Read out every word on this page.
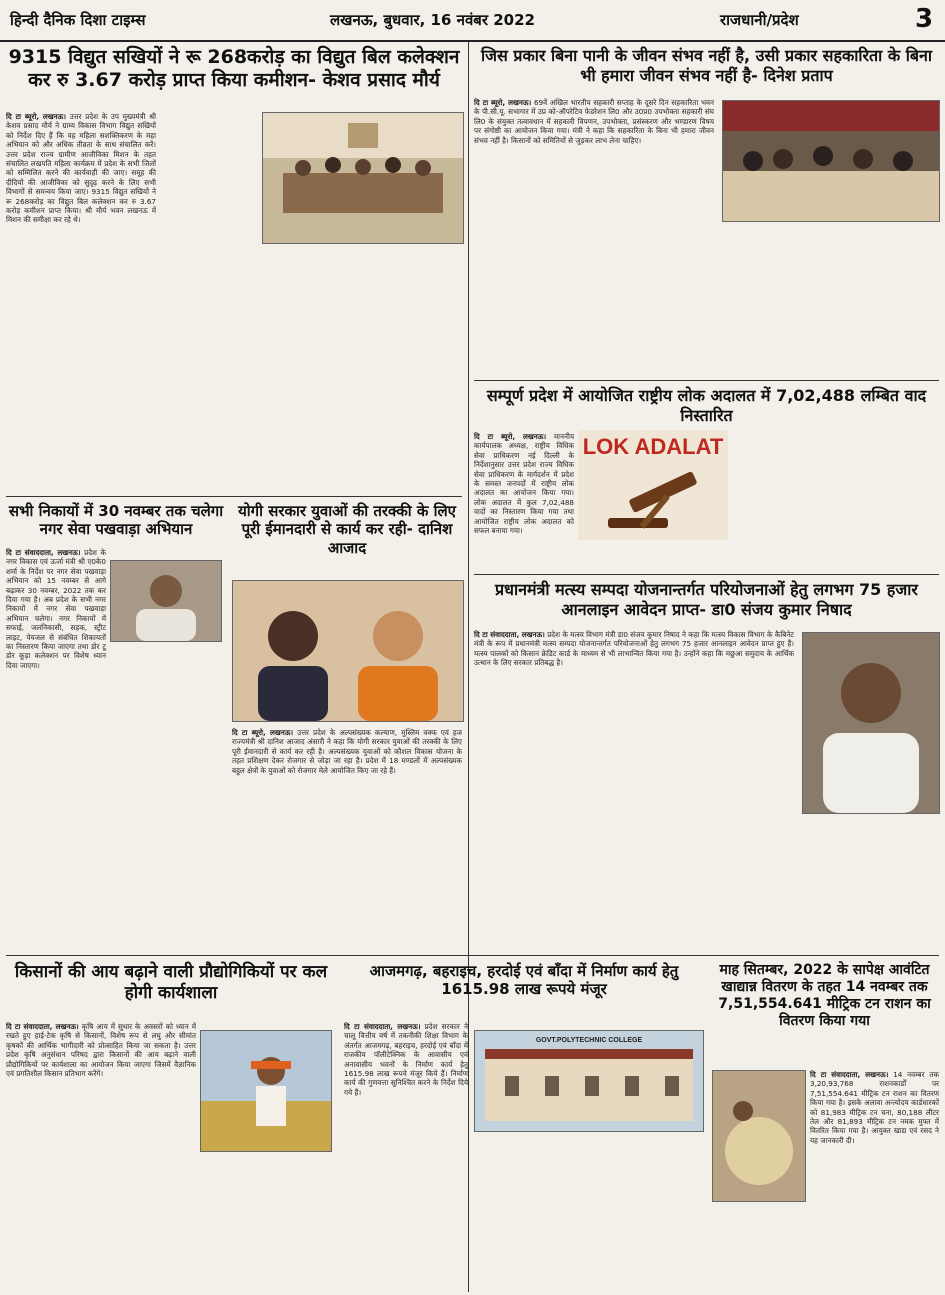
हिन्दी दैनिक दिशा टाइम्स	लखनऊ, बुधवार, 16 नवंबर 2022	राजधानी/प्रदेश	3
9315 विद्युत सखियों ने रू 268करोड़ का विद्युत बिल कलेक्शन कर रु 3.67 करोड़ प्राप्त किया कमीशन- केशव प्रसाद मौर्य

दि टा ब्यूरो, लखनऊ। उत्तर प्रदेश के उप मुख्यमंत्री श्री केशव प्रसाद मौर्य ने ग्राम्य विकास विभाग विद्युत सखियों को निर्देश दिए हैं कि वह महिला सशक्तिकरण के महा अभियान को और अधिक तीव्रता के साथ संचालित करें। उत्तर प्रदेश राज्य ग्रामीण आजीविका मिशन के तहत संचालित लखपति महिला कार्यक्रम में प्रदेश के सभी जिलों को सम्मिलित करने की कार्यवाही की जाए। समूह की दीदियों की आजीविका को सुदृढ़ करने के लिए सभी विभागों से समन्वय किया जाए। 9315 विद्युत सखियों ने रू 268करोड़ का विद्युत बिल कलेक्शन कर रु 3.67 करोड़ कमीशन प्राप्त किया। श्री मौर्य भवन लखनऊ में मिशन की समीक्षा कर रहे थे।

जिस प्रकार बिना पानी के जीवन संभव नहीं है, उसी प्रकार सहकारिता के बिना भी हमारा जीवन संभव नहीं है- दिनेश प्रताप

दि टा ब्यूरो, लखनऊ। 69वें अखिल भारतीय सहकारी सप्ताह के दूसरे दिन सहकारिता भवन के पी.सी.यू. सभागार में उप्र को-ऑपरेटिव फेडरेशन लि0 और उ0प्र0 उपभोक्ता सहकारी संघ लि0 के संयुक्त तत्वावधान में सहकारी विपणन, उपभोक्ता, प्रसंस्करण और भण्डारण विषय पर संगोष्ठी का आयोजन किया गया। मंत्री ने कहा कि सहकारिता के बिना भी हमारा जीवन संभव नहीं है। किसानों को समितियों से जुड़कर लाभ लेना चाहिए।

सम्पूर्ण प्रदेश में आयोजित राष्ट्रीय लोक अदालत में 7,02,488 लम्बित वाद निस्तारित
LOK ADALAT

दि टा ब्यूरो, लखनऊ। माननीय कार्यपालक अध्यक्ष, राष्ट्रीय विधिक सेवा प्राधिकरण नई दिल्ली के निर्देशानुसार उत्तर प्रदेश राज्य विधिक सेवा प्राधिकरण के मार्गदर्शन में प्रदेश के समस्त जनपदों में राष्ट्रीय लोक अदालत का आयोजन किया गया। लोक अदालत में कुल 7,02,488 वादों का निस्तारण किया गया तथा आयोजित राष्ट्रीय लोक अदालत को सफल बनाया गया।

सभी निकायों में 30 नवम्बर तक चलेगा नगर सेवा पखवाड़ा अभियान

दि टा संवाददाता, लखनऊ। प्रदेश के नगर विकास एवं ऊर्जा मंत्री श्री ए0के0 शर्मा के निर्देश पर नगर सेवा पखवाड़ा अभियान को 15 नवम्बर से आगे बढ़ाकर 30 नवम्बर, 2022 तक कर दिया गया है। अब प्रदेश के सभी नगर निकायों में नगर सेवा पखवाड़ा अभियान चलेगा। नगर निकायों में सफाई, जलनिकासी, सड़क, स्ट्रीट लाइट, पेयजल से संबंधित शिकायतों का निस्तारण किया जाएगा तथा डोर टू डोर कूड़ा कलेक्शन पर विशेष ध्यान दिया जाएगा।

योगी सरकार युवाओं की तरक्की के लिए पूरी ईमानदारी से कार्य कर रही- दानिश आजाद

दि टा ब्यूरो, लखनऊ। उत्तर प्रदेश के अल्पसंख्यक कल्याण, मुस्लिम वक्फ एवं हज राज्यमंत्री श्री दानिश आजाद अंसारी ने कहा कि योगी सरकार युवाओं की तरक्की के लिए पूरी ईमानदारी से कार्य कर रही है। अल्पसंख्यक युवाओं को कौशल विकास योजना के तहत प्रशिक्षण देकर रोजगार से जोड़ा जा रहा है। प्रदेश में 18 मण्डलों में अल्पसंख्यक बहुल क्षेत्रों के युवाओं को रोजगार मेले आयोजित किए जा रहे हैं।

प्रधानमंत्री मत्स्य सम्पदा योजनान्तर्गत परियोजनाओं हेतु लगभग 75 हजार आनलाइन आवेदन प्राप्त- डा0 संजय कुमार निषाद

दि टा संवाददाता, लखनऊ। प्रदेश के मत्स्य विभाग मंत्री डा0 संजय कुमार निषाद ने कहा कि मत्स्य विकास विभाग के कैबिनेट मंत्री के रूप में प्रधानमंत्री मत्स्य सम्पदा योजनान्तर्गत परियोजनाओं हेतु लगभग 75 हजार आनलाइन आवेदन प्राप्त हुए हैं। मत्स्य पालकों को किसान क्रेडिट कार्ड के माध्यम से भी लाभान्वित किया गया है। उन्होंने कहा कि मछुआ समुदाय के आर्थिक उत्थान के लिए सरकार प्रतिबद्ध है।

किसानों की आय बढ़ाने वाली प्रौद्योगिकियों पर कल होगी कार्यशाला

दि टा संवाददाता, लखनऊ। कृषि आय में सुधार के अवसरों को ध्यान में रखते हुए हाई-टेक कृषि से किसानों, विशेष रूप से लघु और सीमांत कृषकों की आर्थिक भागीदारी को प्रोत्साहित किया जा सकता है। उत्तर प्रदेश कृषि अनुसंधान परिषद द्वारा किसानों की आय बढ़ाने वाली प्रौद्योगिकियों पर कार्यशाला का आयोजन किया जाएगा जिसमें वैज्ञानिक एवं प्रगतिशील किसान प्रतिभाग करेंगे।

आजमगढ़, बहराइच, हरदोई एवं बाँदा में निर्माण कार्य हेतु 1615.98 लाख रूपये मंजूर
GOVT.POLYTECHNIC COLLEGE

दि टा संवाददाता, लखनऊ। प्रदेश सरकार ने चालू वित्तीय वर्ष में तकनीकी शिक्षा विभाग के अंतर्गत आजमगढ़, बहराइच, हरदोई एवं बाँदा में राजकीय पॉलीटेक्निक के आवासीय एवं अनावासीय भवनों के निर्माण कार्य हेतु 1615.98 लाख रूपये मंजूर किये हैं। निर्माण कार्य की गुणवत्ता सुनिश्चित करने के निर्देश दिये गये हैं।

माह सितम्बर, 2022 के सापेक्ष आवंटित खाद्यान्न वितरण के तहत 14 नवम्बर तक 7,51,554.641 मीट्रिक टन राशन का वितरण किया गया

दि टा संवाददाता, लखनऊ। 14 नवम्बर तक 3,20,93,768 राशनकार्डों पर 7,51,554.641 मीट्रिक टन राशन का वितरण किया गया है। इसके अलावा अन्त्योदय कार्डधारकों को 81,983 मीट्रिक टन चना, 80,188 लीटर तेल और 81,893 मीट्रिक टन नमक मुफ्त में वितरित किया गया है। आयुक्त खाद्य एवं रसद ने यह जानकारी दी।
